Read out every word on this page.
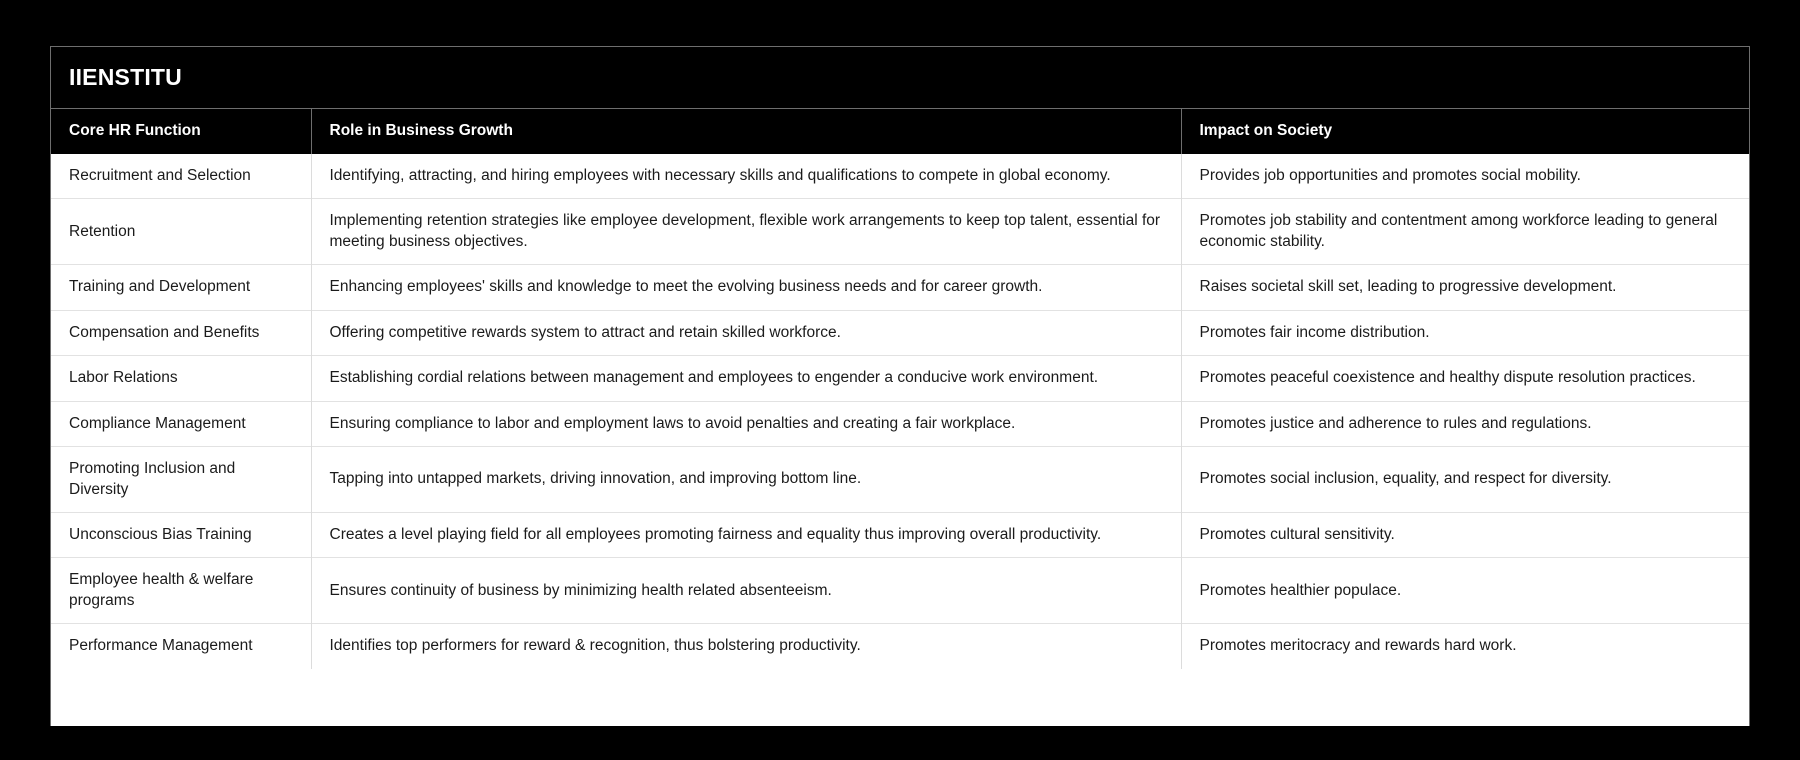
IIENSTITU		
Core HR Function	Role in Business Growth	Impact on Society
Recruitment and Selection	Identifying, attracting, and hiring employees with necessary skills and qualifications to compete in global economy.	Provides job opportunities and promotes social mobility.
Retention	Implementing retention strategies like employee development, flexible work arrangements to keep top talent, essential for meeting business objectives.	Promotes job stability and contentment among workforce leading to general economic stability.
Training and Development	Enhancing employees' skills and knowledge to meet the evolving business needs and for career growth.	Raises societal skill set, leading to progressive development.
Compensation and Benefits	Offering competitive rewards system to attract and retain skilled workforce.	Promotes fair income distribution.
Labor Relations	Establishing cordial relations between management and employees to engender a conducive work environment.	Promotes peaceful coexistence and healthy dispute resolution practices.
Compliance Management	Ensuring compliance to labor and employment laws to avoid penalties and creating a fair workplace.	Promotes justice and adherence to rules and regulations.
Promoting Inclusion and Diversity	Tapping into untapped markets, driving innovation, and improving bottom line.	Promotes social inclusion, equality, and respect for diversity.
Unconscious Bias Training	Creates a level playing field for all employees promoting fairness and equality thus improving overall productivity.	Promotes cultural sensitivity.
Employee health & welfare programs	Ensures continuity of business by minimizing health related absenteeism.	Promotes healthier populace.
Performance Management	Identifies top performers for reward & recognition, thus bolstering productivity.	Promotes meritocracy and rewards hard work.
